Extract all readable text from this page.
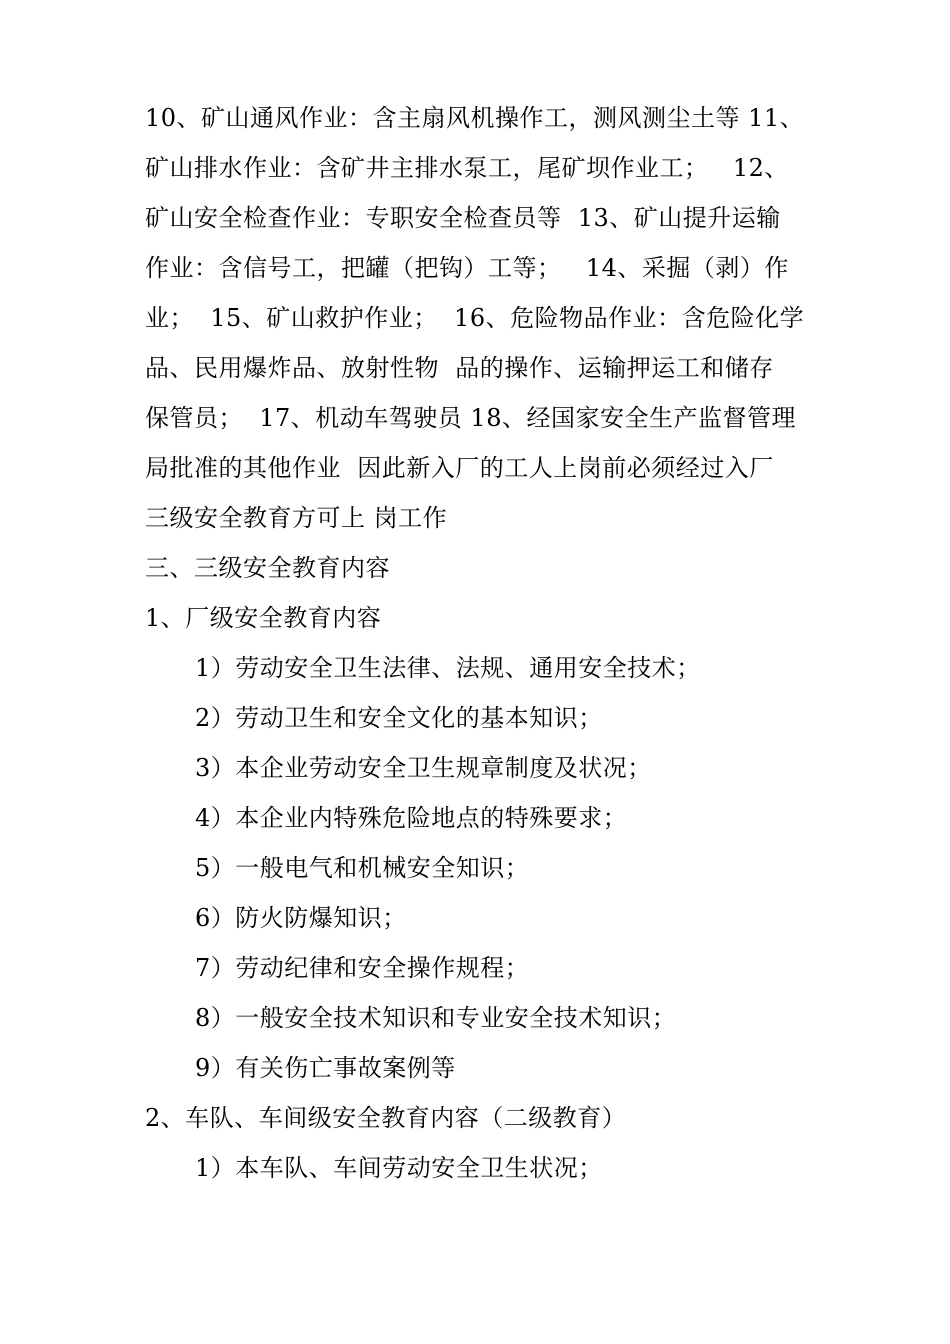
10、矿山通风作业：含主扇风机操作工，测风测尘土等 11、
矿山排水作业：含矿井主排水泵工，尾矿坝作业工；   12、
矿山安全检查作业：专职安全检查员等  13、矿山提升运输
作业：含信号工，把罐（把钩）工等；   14、采掘（剥）作
业；  15、矿山救护作业；  16、危险物品作业：含危险化学
品、民用爆炸品、放射性物  品的操作、运输押运工和储存
保管员；  17、机动车驾驶员 18、经国家安全生产监督管理
局批准的其他作业  因此新入厂的工人上岗前必须经过入厂
三级安全教育方可上 岗工作
三、三级安全教育内容
1、厂级安全教育内容
1）劳动安全卫生法律、法规、通用安全技术；
2）劳动卫生和安全文化的基本知识；
3）本企业劳动安全卫生规章制度及状况；
4）本企业内特殊危险地点的特殊要求；
5）一般电气和机械安全知识；
6）防火防爆知识；
7）劳动纪律和安全操作规程；
8）一般安全技术知识和专业安全技术知识；
9）有关伤亡事故案例等
2、车队、车间级安全教育内容（二级教育）
1）本车队、车间劳动安全卫生状况；
